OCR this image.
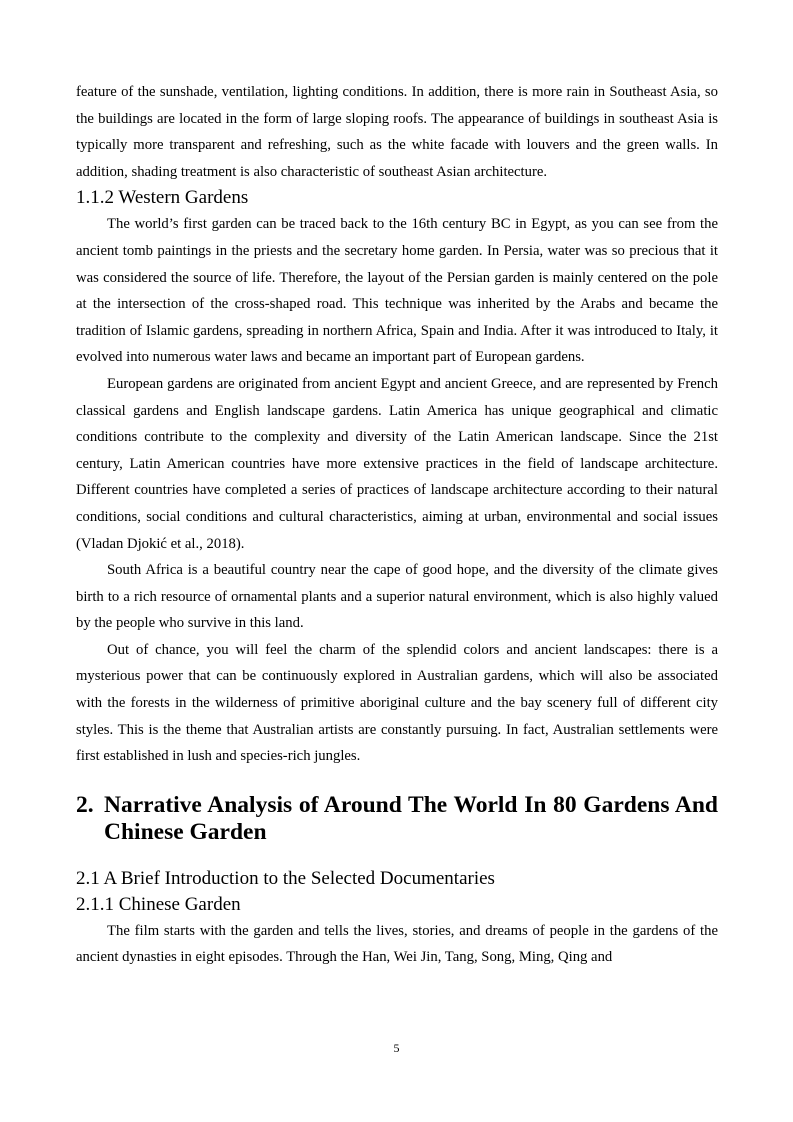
feature of the sunshade, ventilation, lighting conditions. In addition, there is more rain in Southeast Asia, so the buildings are located in the form of large sloping roofs. The appearance of buildings in southeast Asia is typically more transparent and refreshing, such as the white facade with louvers and the green walls. In addition, shading treatment is also characteristic of southeast Asian architecture.

1.1.2 Western Gardens

The world’s first garden can be traced back to the 16th century BC in Egypt, as you can see from the ancient tomb paintings in the priests and the secretary home garden. In Persia, water was so precious that it was considered the source of life. Therefore, the layout of the Persian garden is mainly centered on the pole at the intersection of the cross-shaped road. This technique was inherited by the Arabs and became the tradition of Islamic gardens, spreading in northern Africa, Spain and India. After it was introduced to Italy, it evolved into numerous water laws and became an important part of European gardens.

European gardens are originated from ancient Egypt and ancient Greece, and are represented by French classical gardens and English landscape gardens. Latin America has unique geographical and climatic conditions contribute to the complexity and diversity of the Latin American landscape. Since the 21st century, Latin American countries have more extensive practices in the field of landscape architecture. Different countries have completed a series of practices of landscape architecture according to their natural conditions, social conditions and cultural characteristics, aiming at urban, environmental and social issues (Vladan Djokić et al., 2018).

South Africa is a beautiful country near the cape of good hope, and the diversity of the climate gives birth to a rich resource of ornamental plants and a superior natural environment, which is also highly valued by the people who survive in this land.

Out of chance, you will feel the charm of the splendid colors and ancient landscapes: there is a mysterious power that can be continuously explored in Australian gardens, which will also be associated with the forests in the wilderness of primitive aboriginal culture and the bay scenery full of different city styles. This is the theme that Australian artists are constantly pursuing. In fact, Australian settlements were first established in lush and species-rich jungles.

2. Narrative Analysis of Around The World In 80 Gardens And Chinese Garden
2.1 A Brief Introduction to the Selected Documentaries
2.1.1 Chinese Garden

The film starts with the garden and tells the lives, stories, and dreams of people in the gardens of the ancient dynasties in eight episodes. Through the Han, Wei Jin, Tang, Song, Ming, Qing and

5
